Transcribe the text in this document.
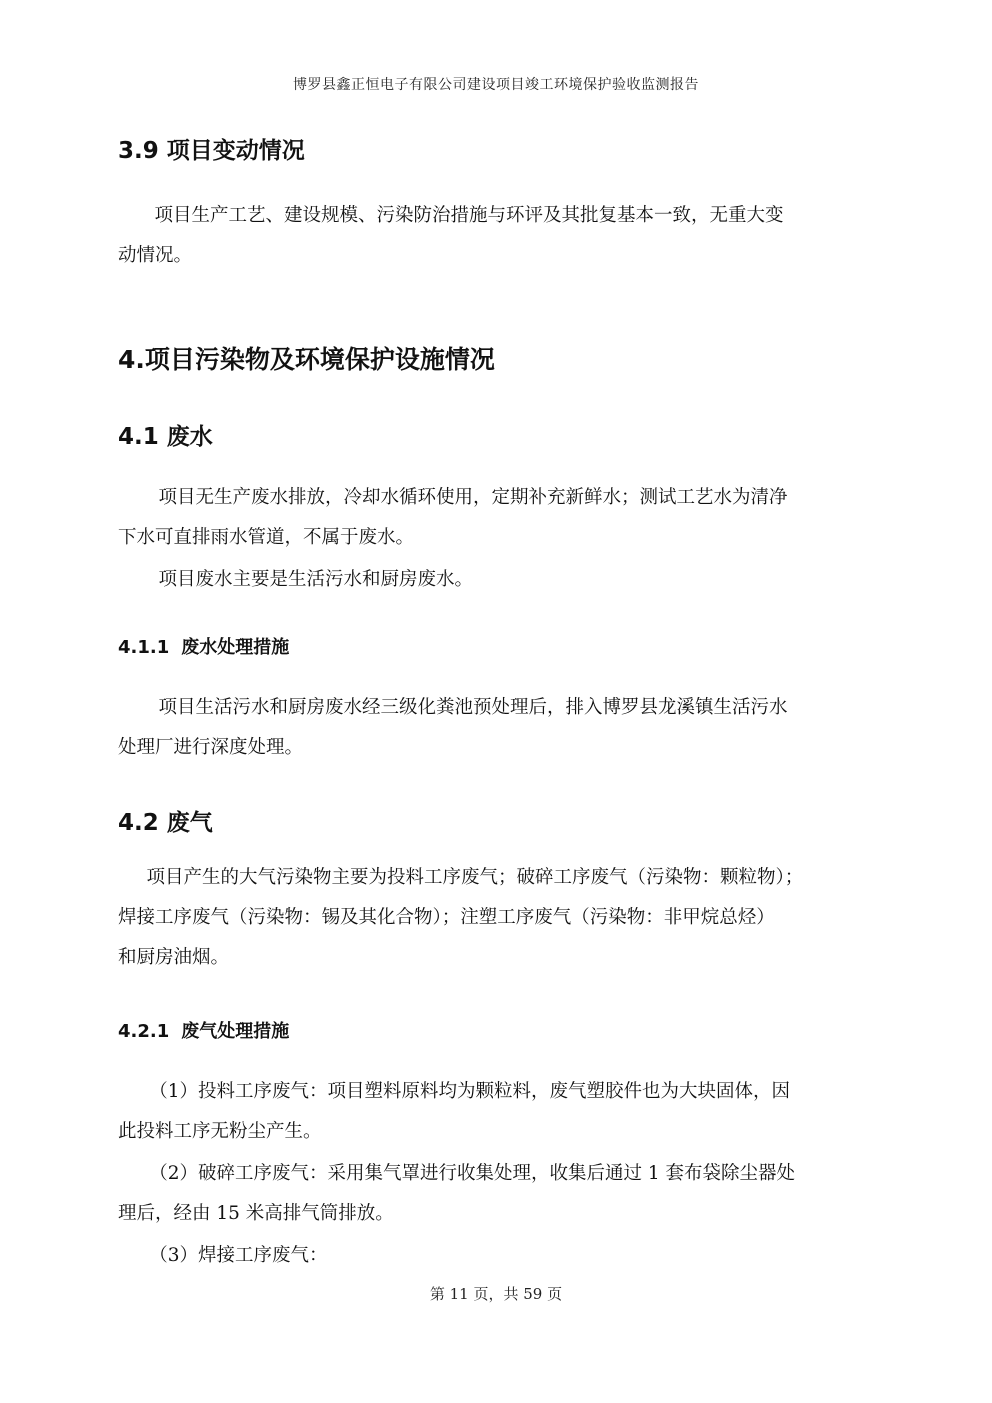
博罗县鑫正恒电子有限公司建设项目竣工环境保护验收监测报告
3.9 项目变动情况
　项目生产工艺、建设规模、污染防治措施与环评及其批复基本一致，无重大变
动情况。
4.项目污染物及环境保护设施情况
4.1 废水
　项目无生产废水排放，冷却水循环使用，定期补充新鲜水；测试工艺水为清净
下水可直排雨水管道，不属于废水。
　项目废水主要是生活污水和厨房废水。
4.1.1 废水处理措施
　项目生活污水和厨房废水经三级化粪池预处理后，排入博罗县龙溪镇生活污水
处理厂进行深度处理。
4.2 废气
　项目产生的大气污染物主要为投料工序废气；破碎工序废气（污染物：颗粒物）；
焊接工序废气（污染物：锡及其化合物）；注塑工序废气（污染物：非甲烷总烃）
和厨房油烟。
4.2.1 废气处理措施
　（1）投料工序废气：项目塑料原料均为颗粒料，废气塑胶件也为大块固体，因
此投料工序无粉尘产生。
　（2）破碎工序废气：采用集气罩进行收集处理，收集后通过 1 套布袋除尘器处
理后，经由 15 米高排气筒排放。
　（3）焊接工序废气：
第 11 页，共 59 页
